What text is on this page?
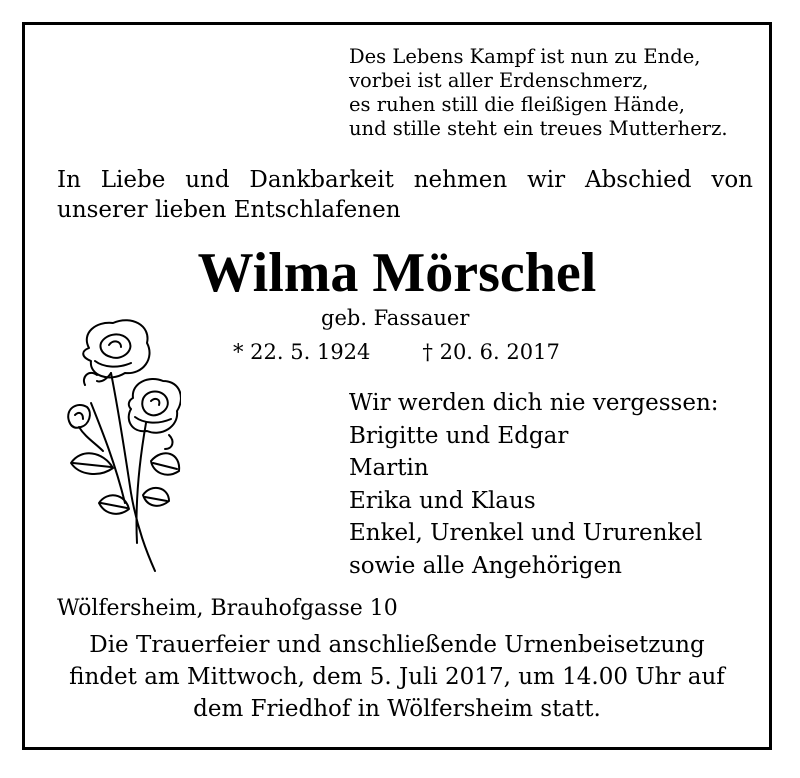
Des Lebens Kampf ist nun zu Ende,
vorbei ist aller Erdenschmerz,
es ruhen still die fleißigen Hände,
und stille steht ein treues Mutterherz.
In Liebe und Dankbarkeit nehmen wir Abschied von
unserer lieben Entschlafenen
Wilma Mörschel
geb. Fassauer
* 22. 5. 1924 † 20. 6. 2017
Wir werden dich nie vergessen:
Brigitte und Edgar
Martin
Erika und Klaus
Enkel, Urenkel und Ururenkel
sowie alle Angehörigen
Wölfersheim, Brauhofgasse 10
Die Trauerfeier und anschließende Urnenbeisetzung
findet am Mittwoch, dem 5. Juli 2017, um 14.00 Uhr auf
dem Friedhof in Wölfersheim statt.
